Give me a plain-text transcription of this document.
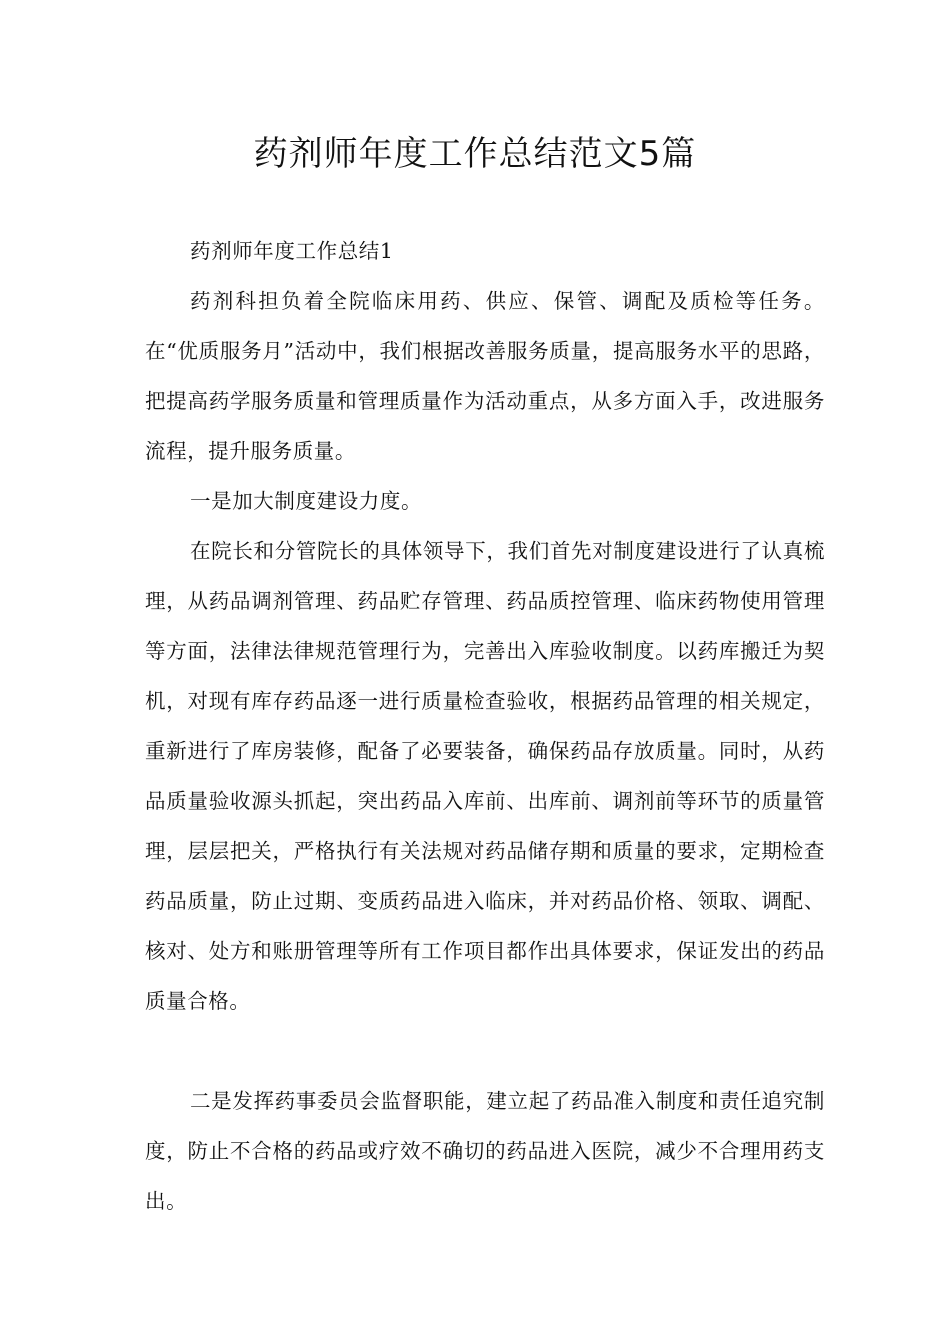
药剂师年度工作总结范文5篇

药剂师年度工作总结1

药剂科担负着全院临床用药、供应、保管、调配及质检等任务。在“优质服务月”活动中，我们根据改善服务质量，提高服务水平的思路，把提高药学服务质量和管理质量作为活动重点，从多方面入手，改进服务流程，提升服务质量。

一是加大制度建设力度。

在院长和分管院长的具体领导下，我们首先对制度建设进行了认真梳理，从药品调剂管理、药品贮存管理、药品质控管理、临床药物使用管理等方面，法律法律规范管理行为，完善出入库验收制度。以药库搬迁为契机，对现有库存药品逐一进行质量检查验收，根据药品管理的相关规定，重新进行了库房装修，配备了必要装备，确保药品存放质量。同时，从药品质量验收源头抓起，突出药品入库前、出库前、调剂前等环节的质量管理，层层把关，严格执行有关法规对药品储存期和质量的要求，定期检查药品质量，防止过期、变质药品进入临床，并对药品价格、领取、调配、核对、处方和账册管理等所有工作项目都作出具体要求，保证发出的药品质量合格。

二是发挥药事委员会监督职能，建立起了药品准入制度和责任追究制度，防止不合格的药品或疗效不确切的药品进入医院，减少不合理用药支出。
